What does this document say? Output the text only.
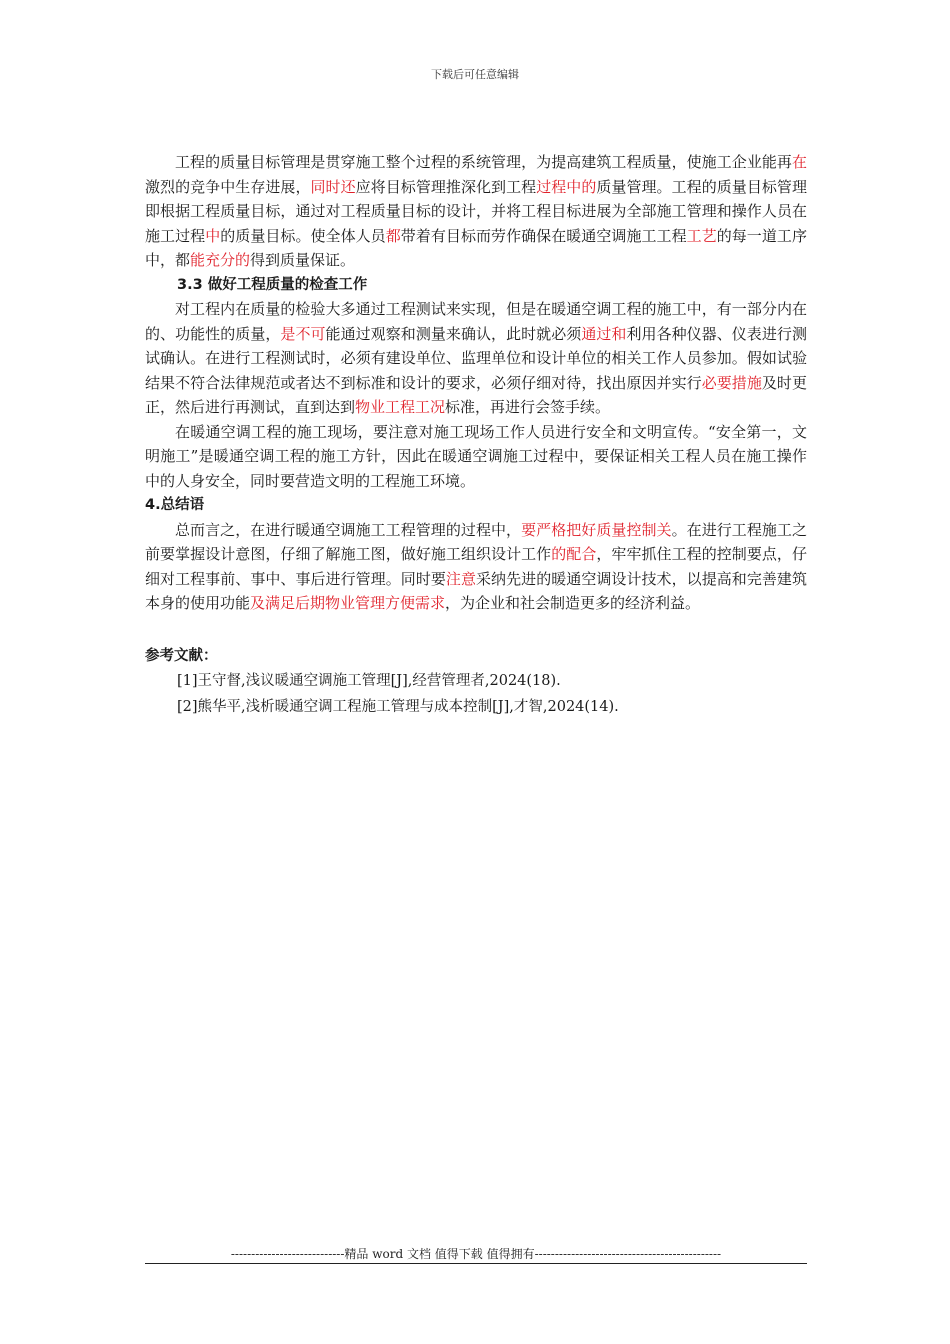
下载后可任意编辑

工程的质量目标管理是贯穿施工整个过程的系统管理，为提高建筑工程质量，使施工企业能再在激烈的竞争中生存进展，同时还应将目标管理推深化到工程过程中的质量管理。工程的质量目标管理即根据工程质量目标，通过对工程质量目标的设计，并将工程目标进展为全部施工管理和操作人员在施工过程中的质量目标。使全体人员都带着有目标而劳作确保在暖通空调施工工程工艺的每一道工序中，都能充分的得到质量保证。

3.3 做好工程质量的检查工作

对工程内在质量的检验大多通过工程测试来实现，但是在暖通空调工程的施工中，有一部分内在的、功能性的质量，是不可能通过观察和测量来确认，此时就必须通过和利用各种仪器、仪表进行测试确认。在进行工程测试时，必须有建设单位、监理单位和设计单位的相关工作人员参加。假如试验结果不符合法律规范或者达不到标准和设计的要求，必须仔细对待，找出原因并实行必要措施及时更正，然后进行再测试，直到达到物业工程工况标准，再进行会签手续。

在暖通空调工程的施工现场，要注意对施工现场工作人员进行安全和文明宣传。“安全第一，文明施工”是暖通空调工程的施工方针，因此在暖通空调施工过程中，要保证相关工程人员在施工操作中的人身安全，同时要营造文明的工程施工环境。

4.总结语

总而言之，在进行暖通空调施工工程管理的过程中，要严格把好质量控制关。在进行工程施工之前要掌握设计意图，仔细了解施工图，做好施工组织设计工作的配合，牢牢抓住工程的控制要点，仔细对工程事前、事中、事后进行管理。同时要注意采纳先进的暖通空调设计技术，以提高和完善建筑本身的使用功能及满足后期物业管理方便需求，为企业和社会制造更多的经济利益。

参考文献：

[1]王守督,浅议暖通空调施工管理[J],经营管理者,2024(18).

[2]熊华平,浅析暖通空调工程施工管理与成本控制[J],才智,2024(14).

----------------------------精品 word 文档 值得下载 值得拥有----------------------------------------------
